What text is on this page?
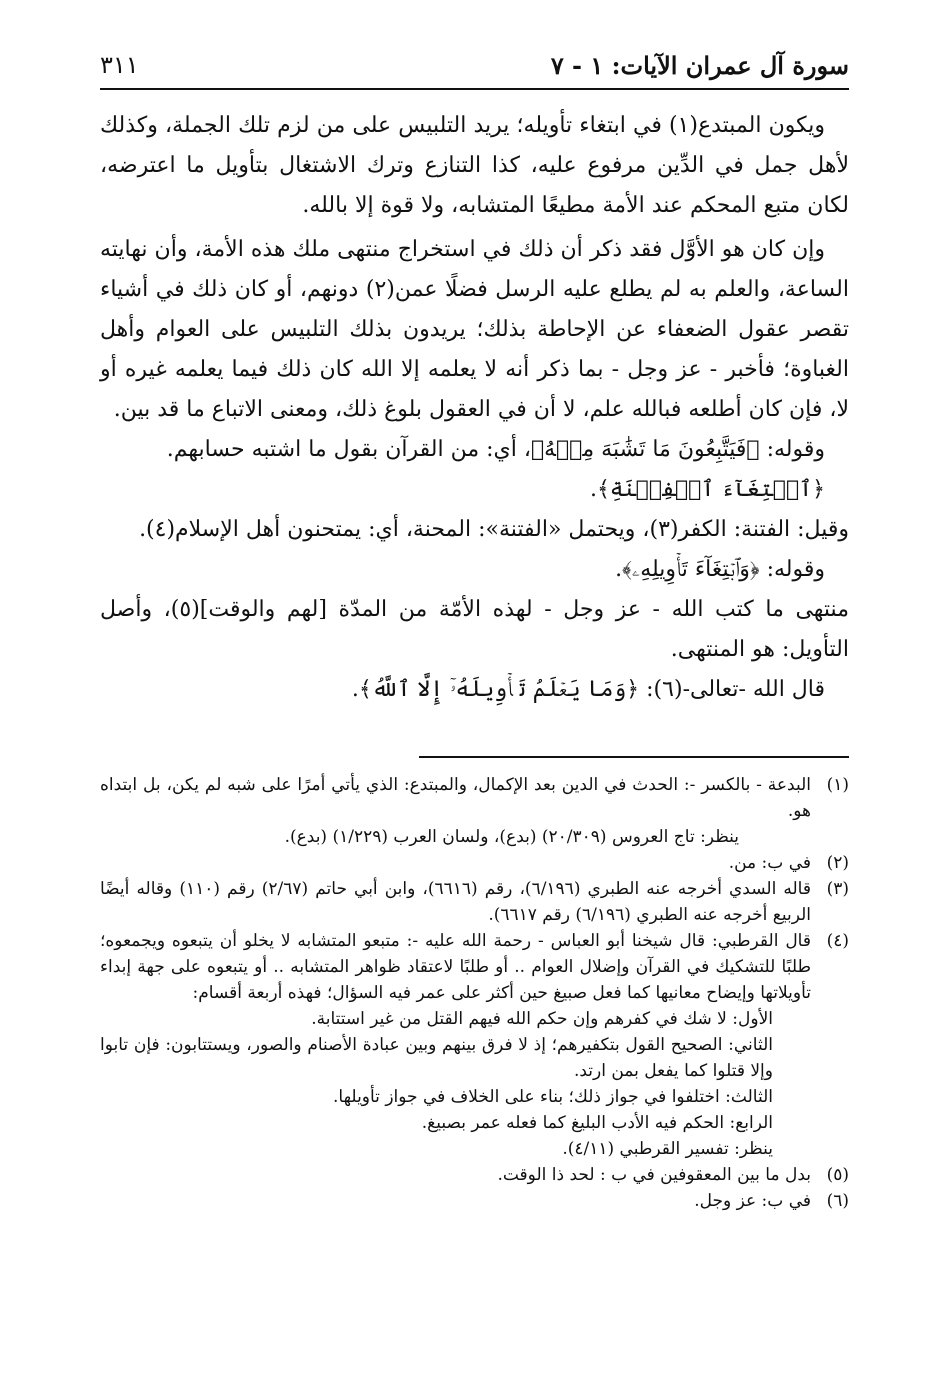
سورة آل عمران الآيات: ١ - ٧
٣١١

ويكون المبتدع(١) في ابتغاء تأويله؛ يريد التلبيس على من لزم تلك الجملة، وكذلك لأهل جمل في الدِّين مرفوع عليه، كذا التنازع وترك الاشتغال بتأويل ما اعترضه، لكان متبع المحكم عند الأمة مطيعًا المتشابه، ولا قوة إلا بالله.

وإن كان هو الأوَّل فقد ذكر أن ذلك في استخراج منتهى ملك هذه الأمة، وأن نهايته الساعة، والعلم به لم يطلع عليه الرسل فضلًا عمن(٢) دونهم، أو كان ذلك في أشياء تقصر عقول الضعفاء عن الإحاطة بذلك؛ يريدون بذلك التلبيس على العوام وأهل الغباوة؛ فأخبر - عز وجل - بما ذكر أنه لا يعلمه إلا الله كان ذلك فيما يعلمه غيره أو لا، فإن كان أطلعه فبالله علم، لا أن في العقول بلوغ ذلك، ومعنى الاتباع ما قد بين.

وقوله: ﴿فَيَتَّبِعُونَ مَا تَشَٰبَهَ مِنۡهُ﴾، أي: من القرآن بقول ما اشتبه حسابهم.

﴿ٱبۡتِغَآءَ ٱلۡفِتۡنَةِ﴾.

وقيل: الفتنة: الكفر(٣)، ويحتمل «الفتنة»: المحنة، أي: يمتحنون أهل الإسلام(٤).

وقوله: ﴿وَٱبۡتِغَآءَ تَأۡوِيلِهِۦ﴾.

منتهى ما كتب الله - عز وجل - لهذه الأمّة من المدّة [لهم والوقت](٥)، وأصل التأويل: هو المنتهى.

قال الله -تعالى-(٦): ﴿وَمَا يَعۡلَمُ تَأۡوِيلَهُۥٓ إِلَّا ٱللَّهُ﴾.

(١)

البدعة - بالكسر -: الحدث في الدين بعد الإكمال، والمبتدع: الذي يأتي أمرًا على شبه لم يكن، بل ابتداه هو.

ينظر: تاج العروس (٢٠/٣٠٩) (بدع)، ولسان العرب (١/٢٢٩) (بدع).

(٢)

في ب: من.

(٣)

قاله السدي أخرجه عنه الطبري (٦/١٩٦)، رقم (٦٦١٦)، وابن أبي حاتم (٢/٦٧) رقم (١١٠) وقاله أيضًا الربيع أخرجه عنه الطبري (٦/١٩٦) رقم ٦٦١٧).

(٤)

قال القرطبي: قال شيخنا أبو العباس - رحمة الله عليه -: متبعو المتشابه لا يخلو أن يتبعوه ويجمعوه؛ طلبًا للتشكيك في القرآن وإضلال العوام .. أو طلبًا لاعتقاد ظواهر المتشابه .. أو يتبعوه على جهة إبداء تأويلاتها وإيضاح معانيها كما فعل صبيغ حين أكثر على عمر فيه السؤال؛ فهذه أربعة أقسام:

الأول: لا شك في كفرهم وإن حكم الله فيهم القتل من غير استتابة.

الثاني: الصحيح القول بتكفيرهم؛ إذ لا فرق بينهم وبين عبادة الأصنام والصور، ويستتابون: فإن تابوا وإلا قتلوا كما يفعل بمن ارتد.

الثالث: اختلفوا في جواز ذلك؛ بناء على الخلاف في جواز تأويلها.

الرابع: الحكم فيه الأدب البليغ كما فعله عمر بصبيغ.

ينظر: تفسير القرطبي (٤/١١).

(٥)

بدل ما بين المعقوفين في ب : لحد ذا الوقت.

(٦)

في ب: عز وجل.
